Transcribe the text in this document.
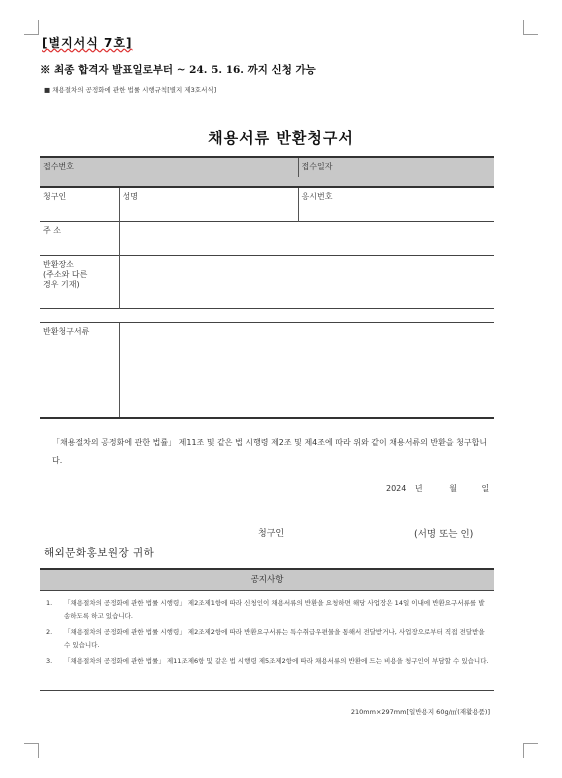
[별지서식 7호]
※ 최종 합격자 발표일로부터 ~ 24. 5. 16. 까지 신청 가능
■ 채용절차의 공정화에 관한 법률 시행규칙[별지 제3호서식]
채용서류 반환청구서
접수번호		접수일자

청구인	성명	응시번호
주 소		
반환장소
(주소와 다른
경우 기재)		

반환청구서류		
「채용절차의 공정화에 관한 법률」 제11조 및 같은 법 시행령 제2조 및 제4조에 따라 위와 같이 채용서류의 반환을 청구합니다.
2024 년	월	일
청구인	(서명 또는 인)
해외문화홍보원장 귀하
공지사항
1. 「채용절차의 공정화에 관한 법률 시행령」 제2조제1항에 따라 신청인이 채용서류의 반환을 요청하면 해당 사업장은 14일 이내에 반환요구서류를 발송하도록 하고 있습니다.
2. 「채용절차의 공정화에 관한 법률 시행령」 제2조제2항에 따라 반환요구서류는 특수취급우편물을 통해서 전달받거나, 사업장으로부터 직접 전달받을 수 있습니다.
3. 「채용절차의 공정화에 관한 법률」 제11조제6항 및 같은 법 시행령 제5조제2항에 따라 채용서류의 반환에 드는 비용을 청구인이 부담할 수 있습니다.
210mm×297mm[일반용지 60g/㎡(재활용품)]
